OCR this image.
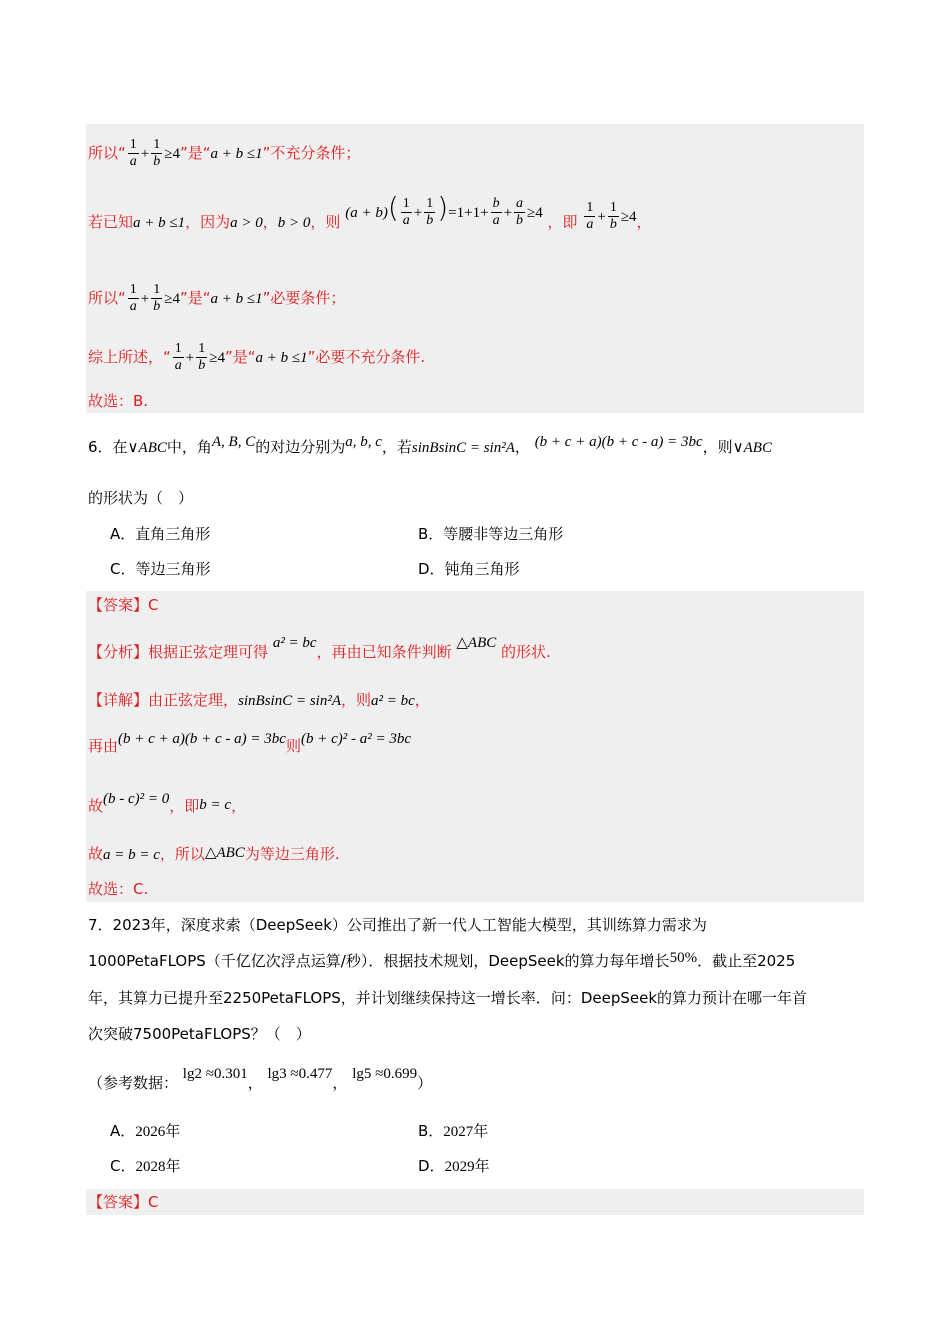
所以“ $\frac{1}{a} + \frac{1}{b} \ge 4$”是“a + b ≤1”不充分条件；
若已知a + b ≤1，因为a > 0，b > 0，则 $(a + b)( \frac{1}{a} + \frac{1}{b} )=1+1+ \frac{b}{a} + \frac{a}{b} \ge 4$ ，即 $\frac{1}{a} + \frac{1}{b} \ge 4$，
所以“ $\frac{1}{a} + \frac{1}{b} \ge 4$”是“a + b ≤1”必要条件；
综上所述，“ $\frac{1}{a} + \frac{1}{b} \ge 4$”是“a + b ≤1”必要不充分条件.
故选：B.
6．在∨ABC中，角A, B, C的对边分别为a, b, c，若sinBsinC = sin²A， (b + c + a)(b + c - a) = 3bc，则∨ABC
的形状为（　）
A．直角三角形	B．等腰非等边三角形
C．等边三角形	D．钝角三角形
【答案】C
【分析】根据正弦定理可得 a² = bc，再由已知条件判断 △ABC 的形状.
【详解】由正弦定理，sinBsinC = sin²A，则a² = bc，
再由(b + c + a)(b + c - a) = 3bc则(b + c)² - a² = 3bc
故(b - c)² = 0，即b = c，
故a = b = c，所以△ABC为等边三角形.
故选：C.
7．2023年，深度求索（DeepSeek）公司推出了新一代人工智能大模型，其训练算力需求为
1000PetaFLOPS（千亿亿次浮点运算/秒）．根据技术规划，DeepSeek的算力每年增长50%．截止至2025
年，其算力已提升至2250PetaFLOPS，并计划继续保持这一增长率．问：DeepSeek的算力预计在哪一年首
次突破7500PetaFLOPS？（　）
（参考数据： lg2 ≈0.301， lg3 ≈0.477， lg5 ≈0.699）
A．2026年	B．2027年
C．2028年	D．2029年
【答案】C
